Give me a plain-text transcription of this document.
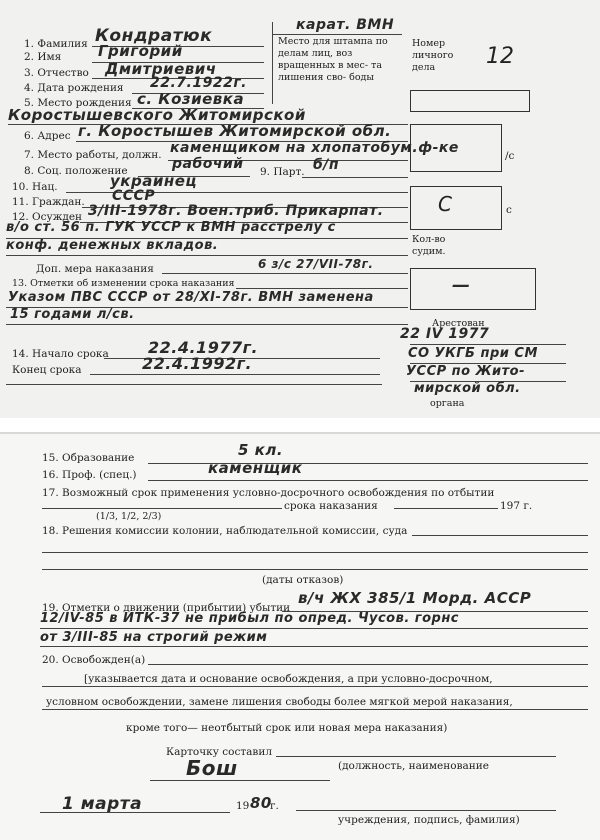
1. Фамилия Кондратюк
2. Имя Григорий
3. Отчество Дмитриевич
4. Дата рождения 22.7.1922г.
5. Место рождения с. Козиевка
Коростышевского Житомирской
6. Адрес г. Коростышев Житомирской обл.
7. Место работы, должн. каменщиком на хлопатобум.ф-ке
8. Соц. положение	рабочий 9. Парт. б/п
10. Нац.	украинец
11. Граждан. СССР
12. Осужден 3/III-1978г. Воен.триб. Прикарпат.
в/о ст. 56 п. ГУК УССР к ВМН расстрелу с
конф. денежных вкладов.
Доп. мера наказания	6 з/с 27/VII-78г.
13. Отметки об изменении срока наказания
Указом ПВС СССР от 28/XI-78г. ВМН заменена
15 годами л/св.
14. Начало срока 22.4.1977г.
Конец срока	22.4.1992г.
карат. ВМН
Место для штампа по делам лиц, воз вращенных в мес- та лишения сво- боды
Номер личного дела	12
/с
С	с
Кол-во судим.
—
Арестован
22 IV 1977
СО УКГБ при СМ
УССР по Жито-
мирской обл.
органа
15. Образование	5 кл.
16. Проф. (спец.)	каменщик
17. Возможный срок применения условно-досрочного освобождения по отбытии
срока наказания	197 г.
(1/3, 1/2, 2/3)
18. Решения комиссии колонии, наблюдательной комиссии, суда
(даты отказов)
19. Отметки о движении (прибытии) убытии
в/ч ЖХ 385/1 Морд. АССР
12/IV-85 в ИТК-37 не прибыл по опред. Чусов. горнс
от 3/III-85 на строгий режим
20. Освобожден(а)
[указывается дата и основание освобождения, а при условно-досрочном,
условном освобождении, замене лишения свободы более мягкой мерой наказания,
кроме того— неотбытый срок или новая мера наказания)
Карточку составил
(должность, наименование
Бош
1 марта	19 80
г.
учреждения, подпись, фамилия)
